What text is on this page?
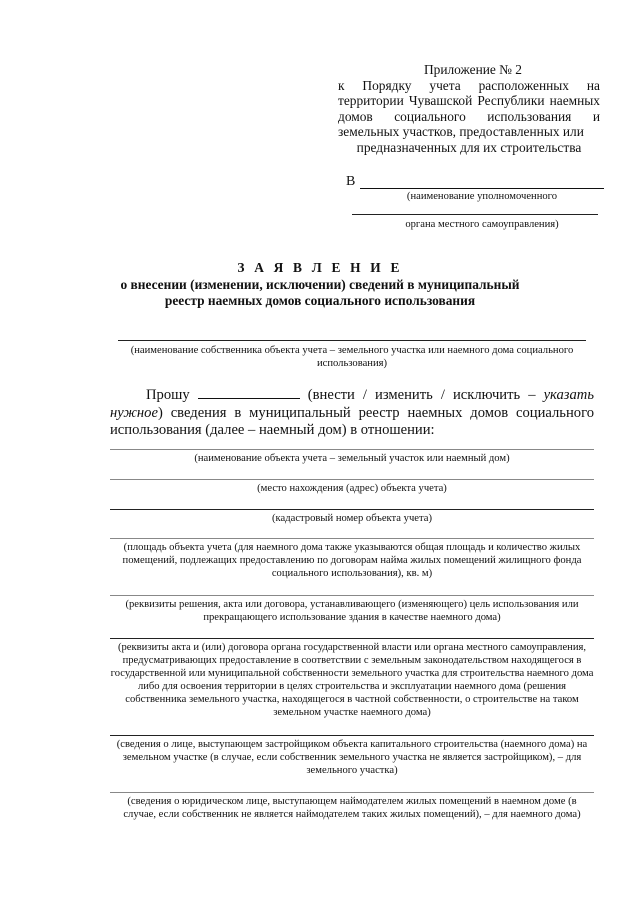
Приложение № 2
к Порядку учета расположенных на территории Чувашской Республики наемных домов социального использования и земельных участков, предоставленных или
предназначенных для их строительства
В
(наименование уполномоченного
органа местного самоуправления)
З А Я В Л Е Н И Е
о внесении (изменении, исключении) сведений в муниципальный реестр наемных домов социального использования
(наименование собственника объекта учета – земельного участка или наемного дома социального использования)
Прошу	(внести / изменить / исключить – указать нужное) сведения в муниципальный реестр наемных домов социального использования (далее – наемный дом) в отношении:
(наименование объекта учета – земельный участок или наемный дом)
(место нахождения (адрес) объекта учета)
(кадастровый номер объекта учета)
(площадь объекта учета (для наемного дома также указываются общая площадь и количество жилых помещений, подлежащих предоставлению по договорам найма жилых помещений жилищного фонда социального использования), кв. м)
(реквизиты решения, акта или договора, устанавливающего (изменяющего) цель использования или прекращающего использование здания в качестве наемного дома)
(реквизиты акта и (или) договора органа государственной власти или органа местного самоуправления, предусматривающих предоставление в соответствии с земельным законодательством находящегося в государственной или муниципальной собственности земельного участка для строительства наемного дома либо для освоения территории в целях строительства и эксплуатации наемного дома (решения собственника земельного участка, находящегося в частной собственности, о строительстве на таком земельном участке наемного дома)
(сведения о лице, выступающем застройщиком объекта капитального строительства (наемного дома) на земельном участке (в случае, если собственник земельного участка не является застройщиком), – для земельного участка)
(сведения о юридическом лице, выступающем наймодателем жилых помещений в наемном доме (в случае, если собственник не является наймодателем таких жилых помещений), – для наемного дома)
